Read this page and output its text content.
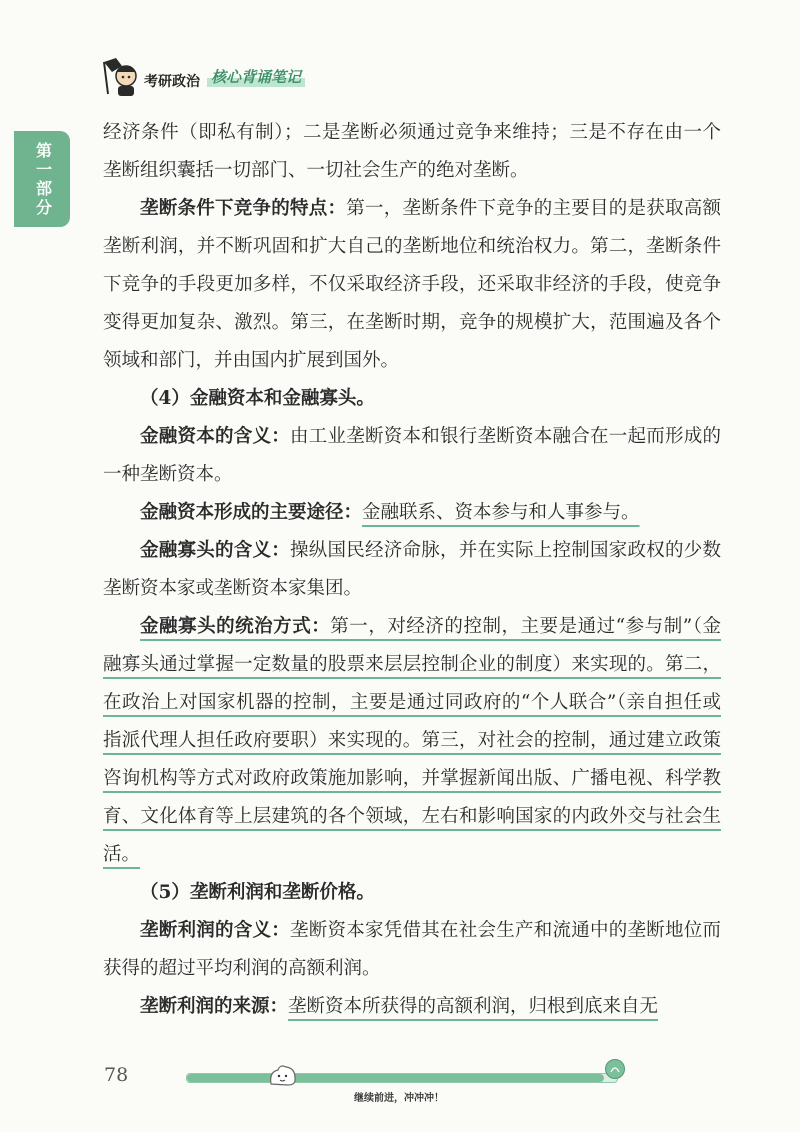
考研政治 核心背诵笔记
第一部分

经济条件（即私有制）；二是垄断必须通过竞争来维持；三是不存在由一个垄断组织囊括一切部门、一切社会生产的绝对垄断。

垄断条件下竞争的特点：第一，垄断条件下竞争的主要目的是获取高额垄断利润，并不断巩固和扩大自己的垄断地位和统治权力。第二，垄断条件下竞争的手段更加多样，不仅采取经济手段，还采取非经济的手段，使竞争变得更加复杂、激烈。第三，在垄断时期，竞争的规模扩大，范围遍及各个领域和部门，并由国内扩展到国外。

（4）金融资本和金融寡头。

金融资本的含义：由工业垄断资本和银行垄断资本融合在一起而形成的一种垄断资本。

金融资本形成的主要途径：金融联系、资本参与和人事参与。

金融寡头的含义：操纵国民经济命脉，并在实际上控制国家政权的少数垄断资本家或垄断资本家集团。

金融寡头的统治方式：第一，对经济的控制，主要是通过“参与制”（金融寡头通过掌握一定数量的股票来层层控制企业的制度）来实现的。第二，在政治上对国家机器的控制，主要是通过同政府的“个人联合”（亲自担任或指派代理人担任政府要职）来实现的。第三，对社会的控制，通过建立政策咨询机构等方式对政府政策施加影响，并掌握新闻出版、广播电视、科学教育、文化体育等上层建筑的各个领域，左右和影响国家的内政外交与社会生活。

（5）垄断利润和垄断价格。

垄断利润的含义：垄断资本家凭借其在社会生产和流通中的垄断地位而获得的超过平均利润的高额利润。

垄断利润的来源：垄断资本所获得的高额利润，归根到底来自无

78
继续前进，冲冲冲！
